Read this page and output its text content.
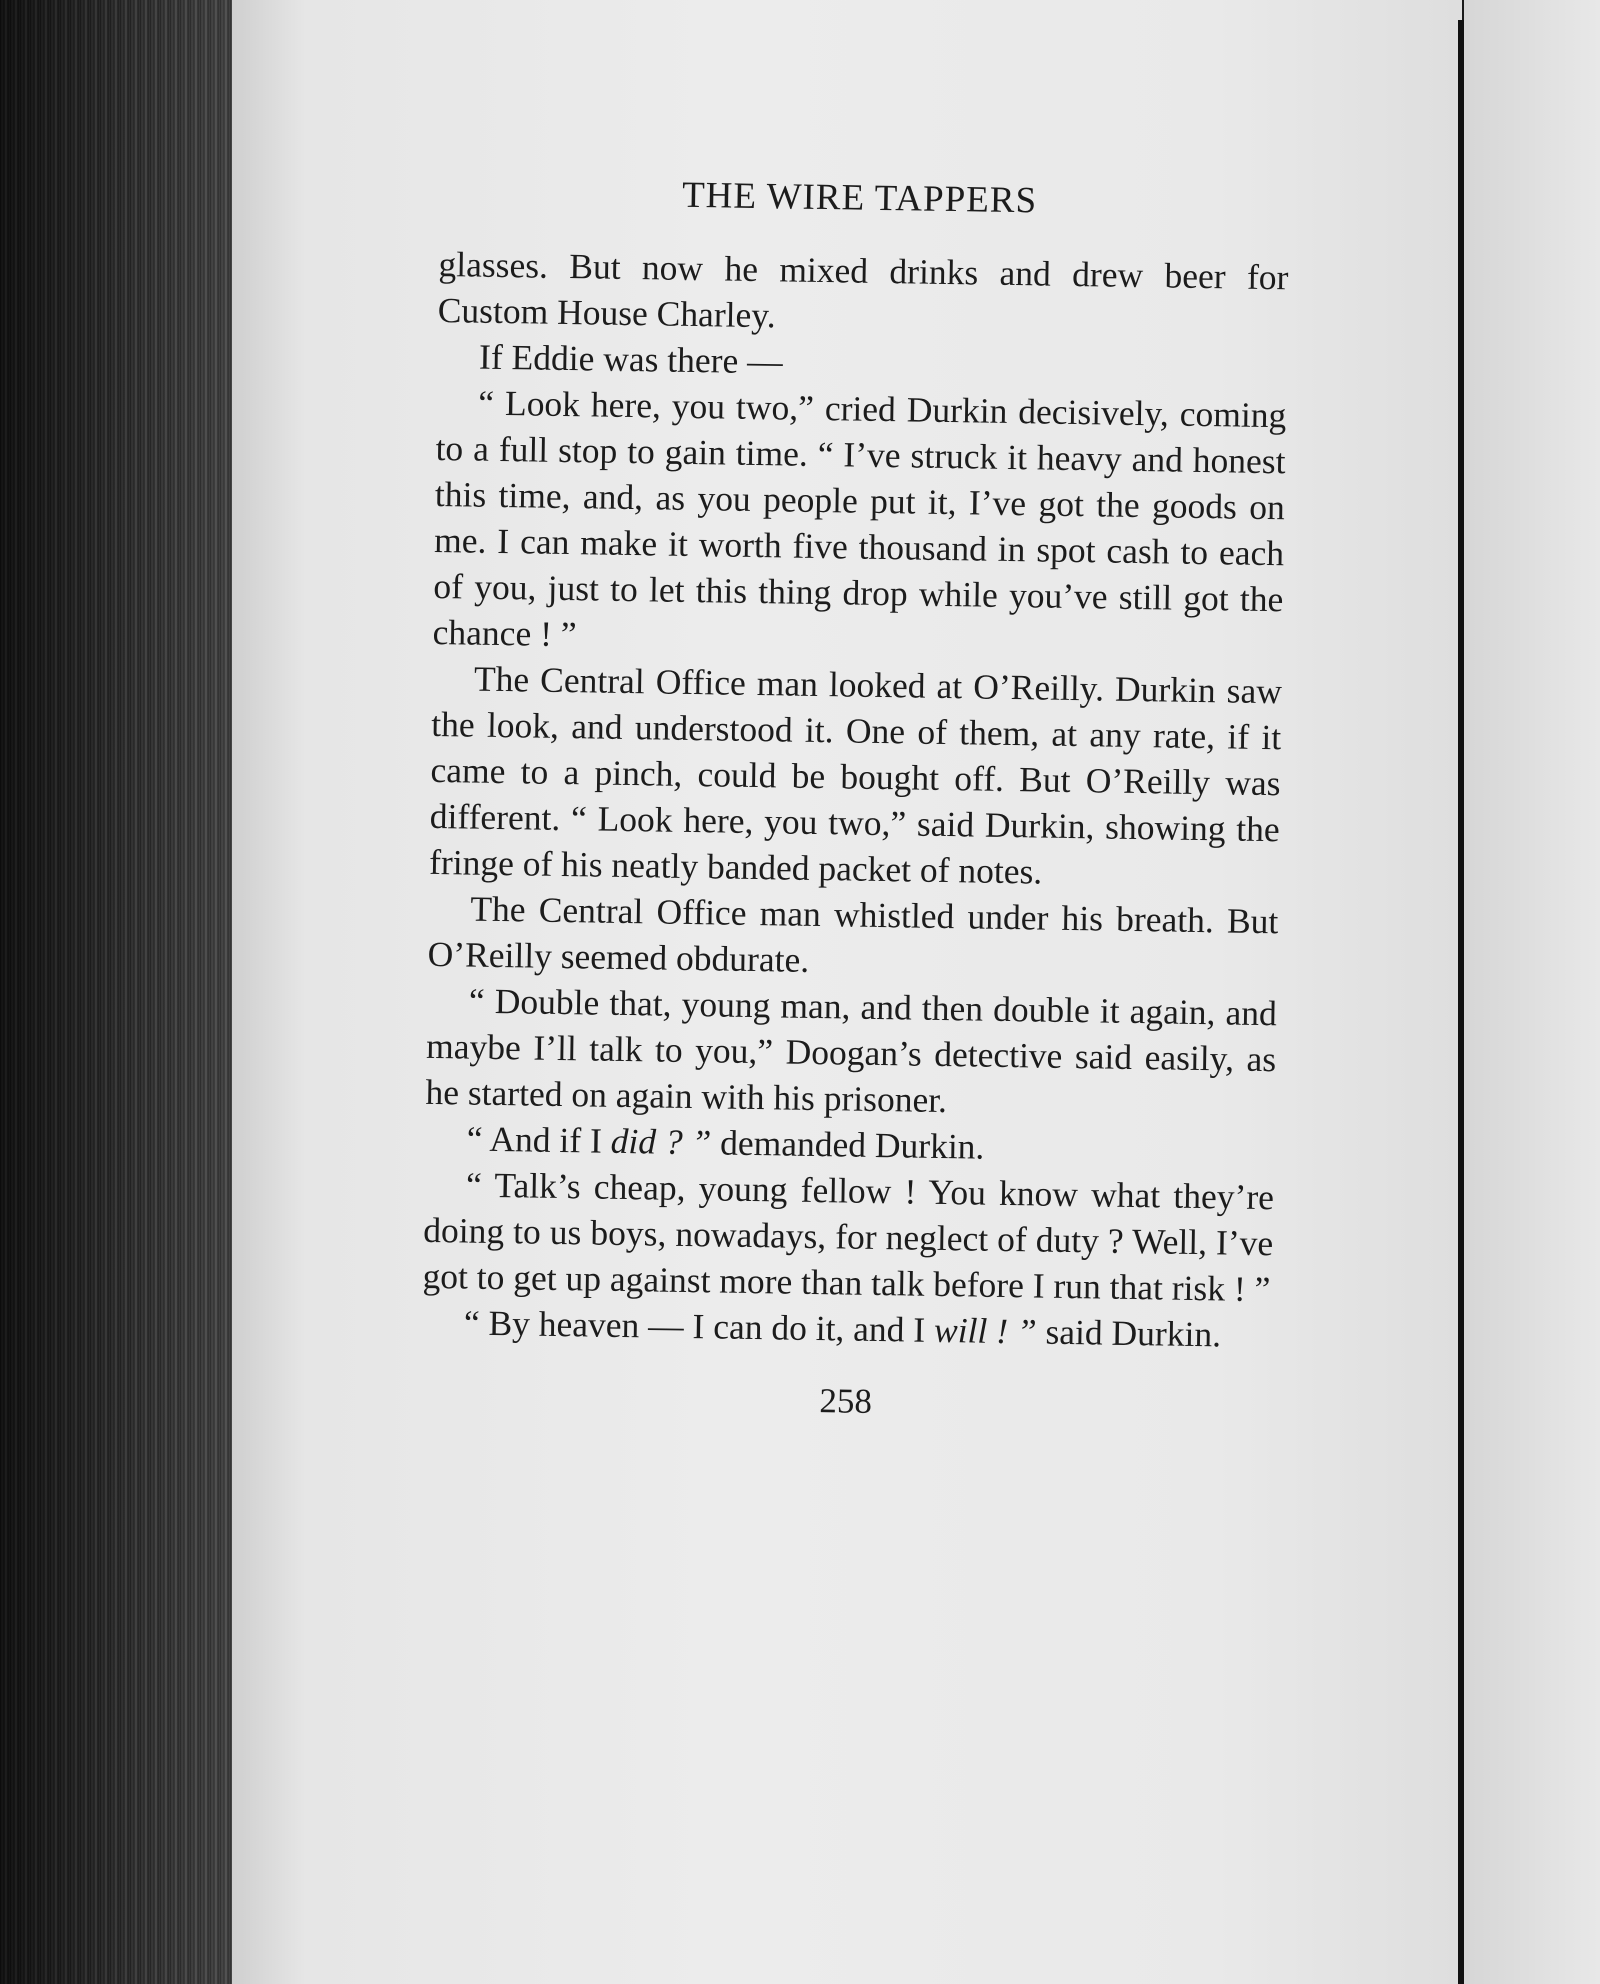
THE WIRE TAPPERS

glasses. But now he mixed drinks and drew beer for Custom House Charley.

If Eddie was there —

“ Look here, you two,” cried Durkin decisively, coming to a full stop to gain time. “ I’ve struck it heavy and honest this time, and, as you people put it, I’ve got the goods on me. I can make it worth five thousand in spot cash to each of you, just to let this thing drop while you’ve still got the chance ! ”

The Central Office man looked at O’Reilly. Durkin saw the look, and understood it. One of them, at any rate, if it came to a pinch, could be bought off. But O’Reilly was different. “ Look here, you two,” said Durkin, showing the fringe of his neatly banded packet of notes.

The Central Office man whistled under his breath. But O’Reilly seemed obdurate.

“ Double that, young man, and then double it again, and maybe I’ll talk to you,” Doogan’s detective said easily, as he started on again with his prisoner.

“ And if I did ? ” demanded Durkin.

“ Talk’s cheap, young fellow ! You know what they’re doing to us boys, nowadays, for neglect of duty ? Well, I’ve got to get up against more than talk before I run that risk ! ”

“ By heaven — I can do it, and I will ! ” said Durkin.

258
